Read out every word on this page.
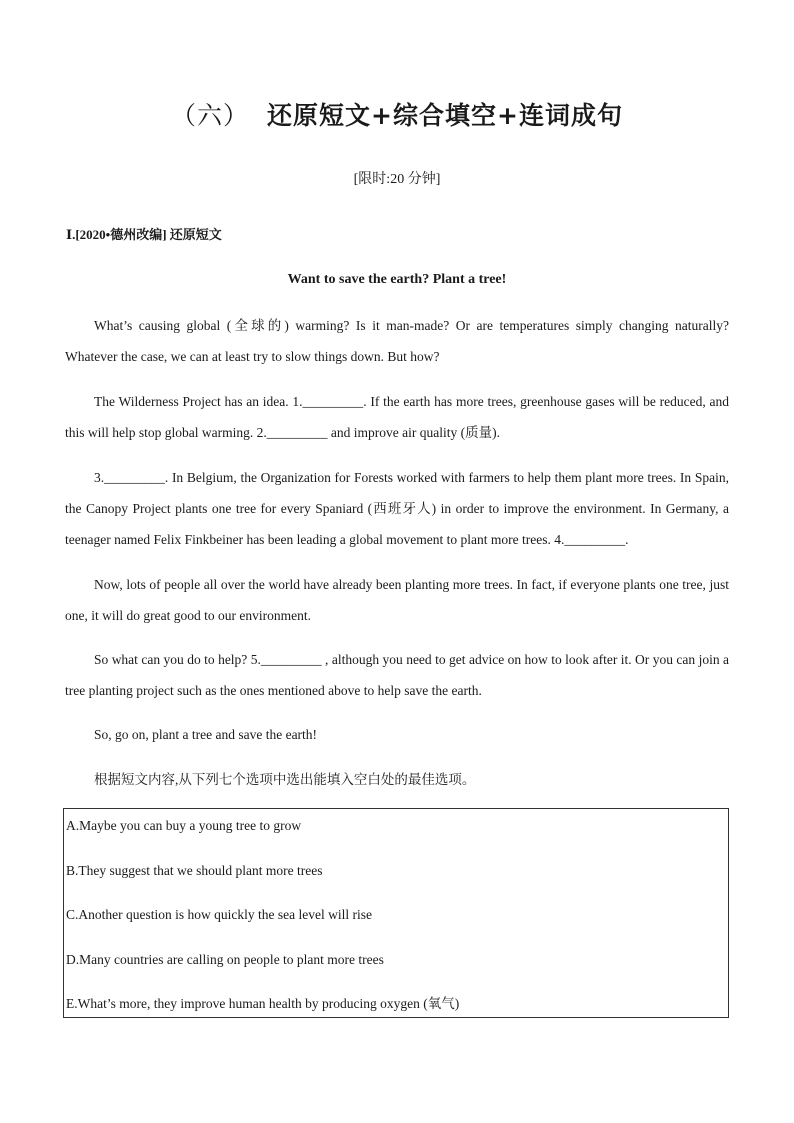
（六） 还原短文+综合填空+连词成句
[限时:20 分钟]
Ⅰ.[2020•德州改编] 还原短文
Want to save the earth? Plant a tree!

What’s causing global (全球的) warming? Is it man-made? Or are temperatures simply changing naturally? Whatever the case, we can at least try to slow things down. But how?

The Wilderness Project has an idea. 1._________. If the earth has more trees, greenhouse gases will be reduced, and this will help stop global warming. 2._________ and improve air quality (质量).

3._________. In Belgium, the Organization for Forests worked with farmers to help them plant more trees. In Spain, the Canopy Project plants one tree for every Spaniard (西班牙人) in order to improve the environment. In Germany, a teenager named Felix Finkbeiner has been leading a global movement to plant more trees. 4._________.

Now, lots of people all over the world have already been planting more trees. In fact, if everyone plants one tree, just one, it will do great good to our environment.

So what can you do to help? 5._________ , although you need to get advice on how to look after it. Or you can join a tree planting project such as the ones mentioned above to help save the earth.

So, go on, plant a tree and save the earth!

根据短文内容,从下列七个选项中选出能填入空白处的最佳选项。

A.Maybe you can buy a young tree to grow
B.They suggest that we should plant more trees
C.Another question is how quickly the sea level will rise
D.Many countries are calling on people to plant more trees
E.What’s more, they improve human health by producing oxygen (氧气)
